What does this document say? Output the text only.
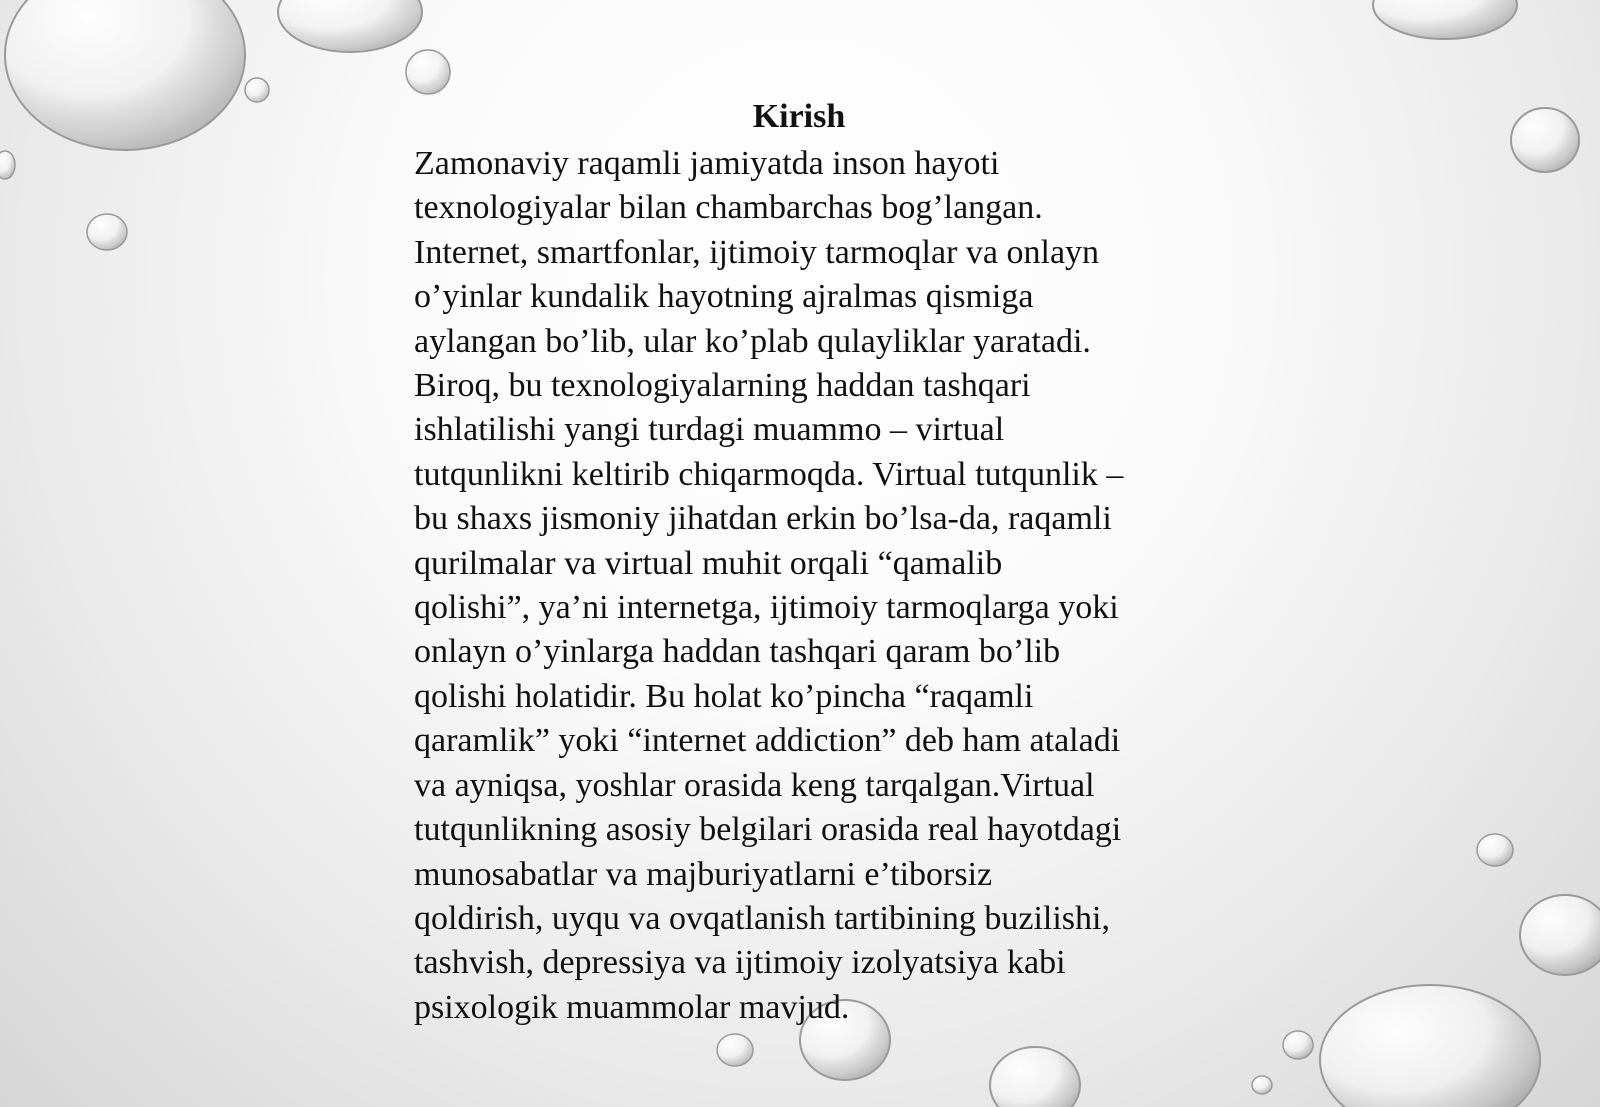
Kirish
Zamonaviy raqamli jamiyatda inson hayoti
texnologiyalar bilan chambarchas bog’langan.
Internet, smartfonlar, ijtimoiy tarmoqlar va onlayn
o’yinlar kundalik hayotning ajralmas qismiga
aylangan bo’lib, ular ko’plab qulayliklar yaratadi.
Biroq, bu texnologiyalarning haddan tashqari
ishlatilishi yangi turdagi muammo – virtual
tutqunlikni keltirib chiqarmoqda. Virtual tutqunlik –
bu shaxs jismoniy jihatdan erkin bo’lsa-da, raqamli
qurilmalar va virtual muhit orqali “qamalib
qolishi”, ya’ni internetga, ijtimoiy tarmoqlarga yoki
onlayn o’yinlarga haddan tashqari qaram bo’lib
qolishi holatidir. Bu holat ko’pincha “raqamli
qaramlik” yoki “internet addiction” deb ham ataladi
va ayniqsa, yoshlar orasida keng tarqalgan.Virtual
tutqunlikning asosiy belgilari orasida real hayotdagi
munosabatlar va majburiyatlarni e’tiborsiz
qoldirish, uyqu va ovqatlanish tartibining buzilishi,
tashvish, depressiya va ijtimoiy izolyatsiya kabi
psixologik muammolar mavjud.
